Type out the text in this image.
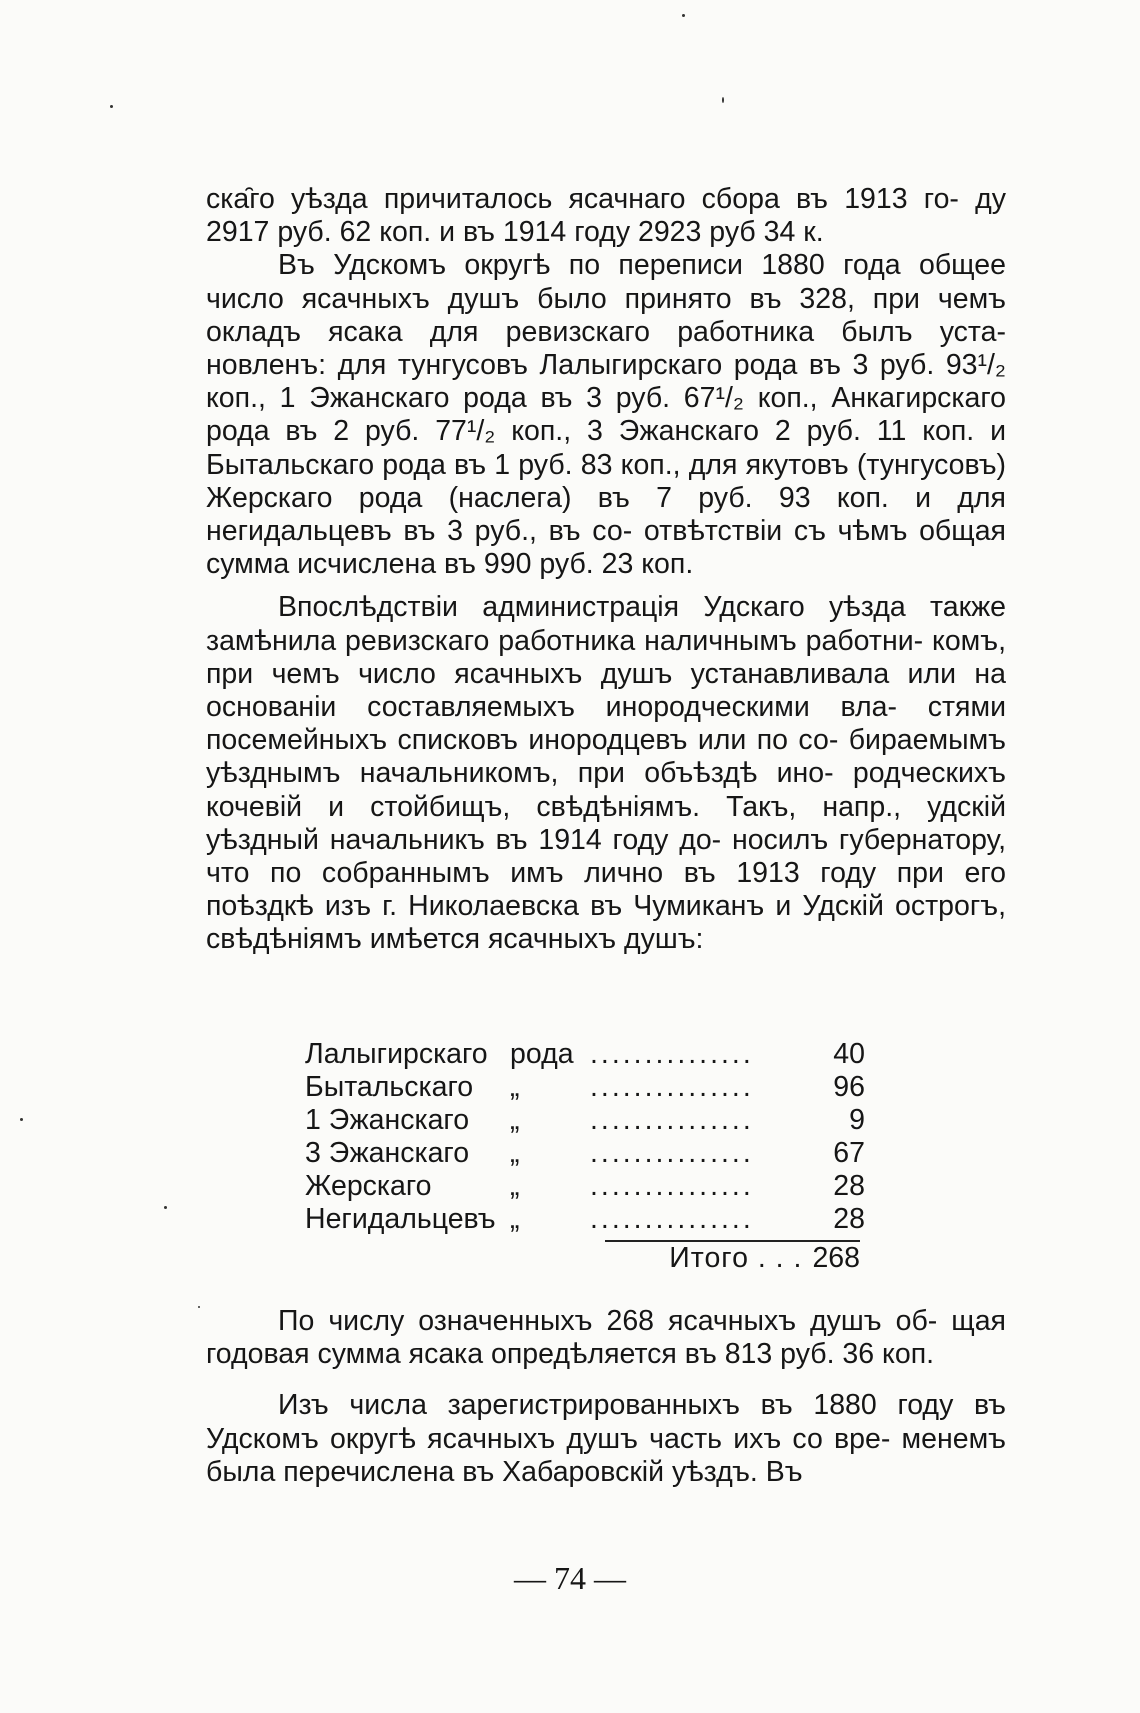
ска̑го уѣзда причиталось ясачнаго сбора въ 1913 го- ду 2917 руб. 62 коп. и въ 1914 году 2923 руб 34 к.

Въ Удскомъ округѣ по переписи 1880 года общее число ясачныхъ душъ было принято въ 328, при чемъ окладъ ясака для ревизскаго работника былъ уста- новленъ: для тунгусовъ Лалыгирскаго рода въ 3 руб. 93¹/₂ коп., 1 Эжанскаго рода въ 3 руб. 67¹/₂ коп., Анкагирскаго рода въ 2 руб. 77¹/₂ коп., 3 Эжанскаго 2 руб. 11 коп. и Бытальскаго рода въ 1 руб. 83 коп., для якутовъ (тунгусовъ) Жерскаго рода (наслега) въ 7 руб. 93 коп. и для негидальцевъ въ 3 руб., въ со- отвѣтствіи съ чѣмъ общая сумма исчислена въ 990 руб. 23 коп.

Впослѣдствіи администрація Удскаго уѣзда также замѣнила ревизскаго работника наличнымъ работни- комъ, при чемъ число ясачныхъ душъ устанавливала или на основаніи составляемыхъ инородческими вла- стями посемейныхъ списковъ инородцевъ или по со- бираемымъ уѣзднымъ начальникомъ, при объѣздѣ ино- родческихъ кочевій и стойбищъ, свѣдѣніямъ. Такъ, напр., удскій уѣздный начальникъ въ 1914 году до- носилъ губернатору, что по собраннымъ имъ лично въ 1913 году при его поѣздкѣ изъ г. Николаевска въ Чумиканъ и Удскій острогъ, свѣдѣніямъ имѣется ясачныхъ душъ:

Лалыгирскаго рода ...............	40
Бытальскаго	„	...............	96
1 Эжанскаго	„	...............	9
3 Эжанскаго	„	...............	67
Жерскаго	„	...............	28
Негидальцевъ „	...............	28
Итого . . . 268

По числу означенныхъ 268 ясачныхъ душъ об- щая годовая сумма ясака опредѣляется въ 813 руб. 36 коп.

Изъ числа зарегистрированныхъ въ 1880 году въ Удскомъ округѣ ясачныхъ душъ часть ихъ со вре- менемъ была перечислена въ Хабаровскій уѣздъ. Въ

— 74 —
